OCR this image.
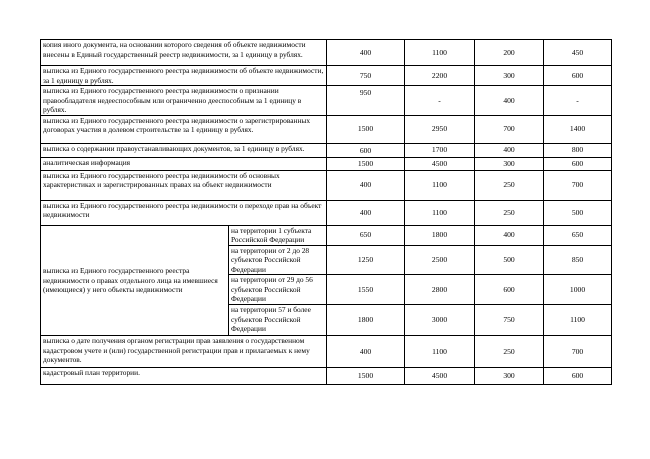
копия иного документа, на основании которого сведения об объекте недвижимости внесены в Единый государственный реестр недвижимости, за 1 единицу в рублях.		400	1100	200	450
выписка из Единого государственного реестра недвижимости об объекте недвижимости, за 1 единицу в рублях.		750	2200	300	600
выписка из Единого государственного реестра недвижимости о признании правообладателя недееспособным или ограниченно дееспособным за 1 единицу в рублях.		950	-	400	-
выписка из Единого государственного реестра недвижимости о зарегистрированных договорах участия в долевом строительстве за 1 единицу в рублях.		1500	2950	700	1400
выписка о содержании правоустанавливающих документов, за 1 единицу в рублях.		600	1700	400	800
аналитическая информация		1500	4500	300	600
выписка из Единого государственного реестра недвижимости об основных характеристиках и зарегистрированных правах на объект недвижимости		400	1100	250	700
выписка из Единого государственного реестра недвижимости о переходе прав на объект недвижимости		400	1100	250	500
выписка из Единого государственного реестра недвижимости о правах отдельного лица на имевшиеся (имеющиеся) у него объекты недвижимости	на территории 1 субъекта Российской Федерации	650	1800	400	650
	на территории от 2 до 28 субъектов Российской Федерации	1250	2500	500	850
	на территории от 29 до 56 субъектов Российской Федерации	1550	2800	600	1000
	на территории 57 и более субъектов Российской Федерации	1800	3000	750	1100
выписка о дате получения органом регистрации прав заявления о государственном кадастровом учете и (или) государственной регистрации прав и прилагаемых к нему документов.		400	1100	250	700
кадастровый план территории.		1500	4500	300	600
